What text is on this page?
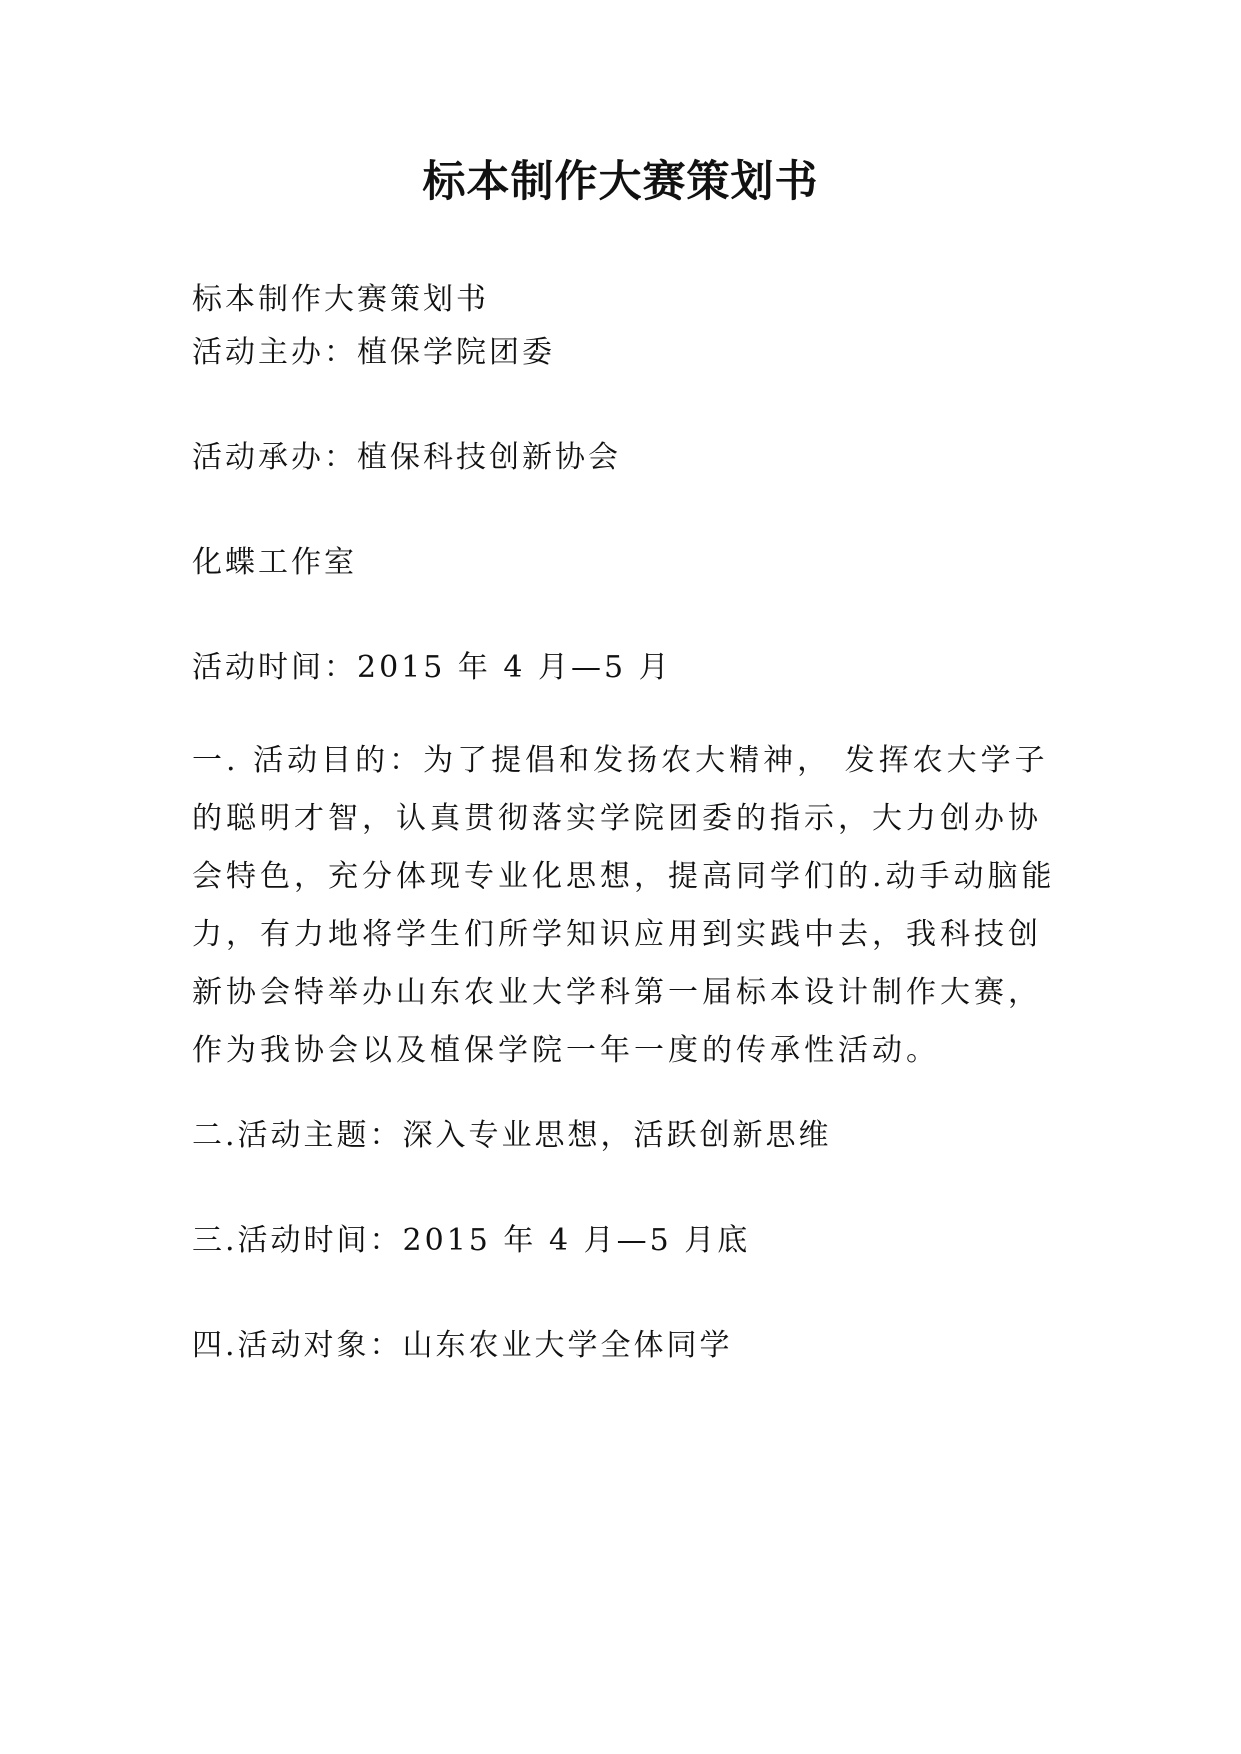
标本制作大赛策划书

标本制作大赛策划书

活动主办：植保学院团委

活动承办：植保科技创新协会

化蝶工作室

活动时间：2015 年 4 月—5 月

一. 活动目的：为了提倡和发扬农大精神， 发挥农大学子的聪明才智，认真贯彻落实学院团委的指示，大力创办协会特色，充分体现专业化思想，提高同学们的.动手动脑能力，有力地将学生们所学知识应用到实践中去，我科技创新协会特举办山东农业大学科第一届标本设计制作大赛，作为我协会以及植保学院一年一度的传承性活动。

二.活动主题：深入专业思想，活跃创新思维

三.活动时间：2015 年 4 月—5 月底

四.活动对象：山东农业大学全体同学
